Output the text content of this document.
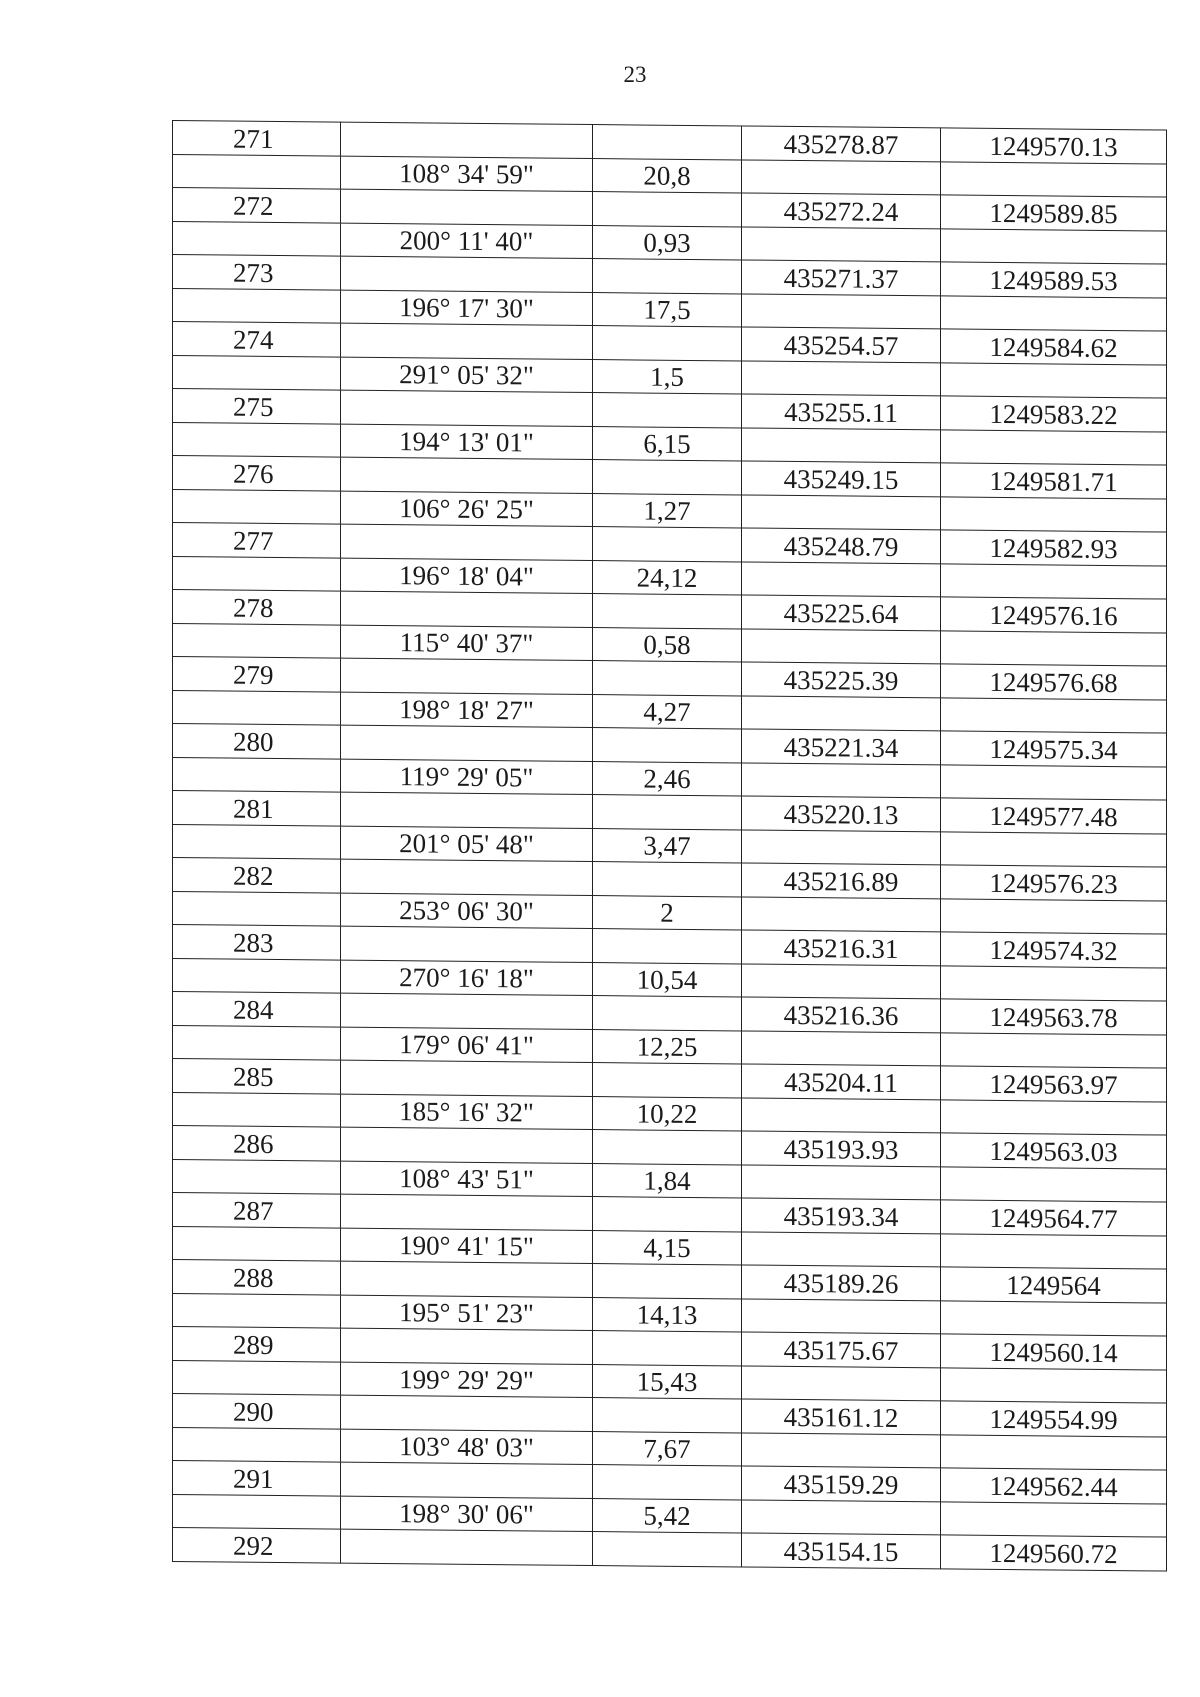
23
271			435278.87	1249570.13
	108° 34' 59"	20,8		
272			435272.24	1249589.85
	200° 11' 40"	0,93		
273			435271.37	1249589.53
	196° 17' 30"	17,5		
274			435254.57	1249584.62
	291° 05' 32"	1,5		
275			435255.11	1249583.22
	194° 13' 01"	6,15		
276			435249.15	1249581.71
	106° 26' 25"	1,27		
277			435248.79	1249582.93
	196° 18' 04"	24,12		
278			435225.64	1249576.16
	115° 40' 37"	0,58		
279			435225.39	1249576.68
	198° 18' 27"	4,27		
280			435221.34	1249575.34
	119° 29' 05"	2,46		
281			435220.13	1249577.48
	201° 05' 48"	3,47		
282			435216.89	1249576.23
	253° 06' 30"	2		
283			435216.31	1249574.32
	270° 16' 18"	10,54		
284			435216.36	1249563.78
	179° 06' 41"	12,25		
285			435204.11	1249563.97
	185° 16' 32"	10,22		
286			435193.93	1249563.03
	108° 43' 51"	1,84		
287			435193.34	1249564.77
	190° 41' 15"	4,15		
288			435189.26	1249564
	195° 51' 23"	14,13		
289			435175.67	1249560.14
	199° 29' 29"	15,43		
290			435161.12	1249554.99
	103° 48' 03"	7,67		
291			435159.29	1249562.44
	198° 30' 06"	5,42		
292			435154.15	1249560.72
